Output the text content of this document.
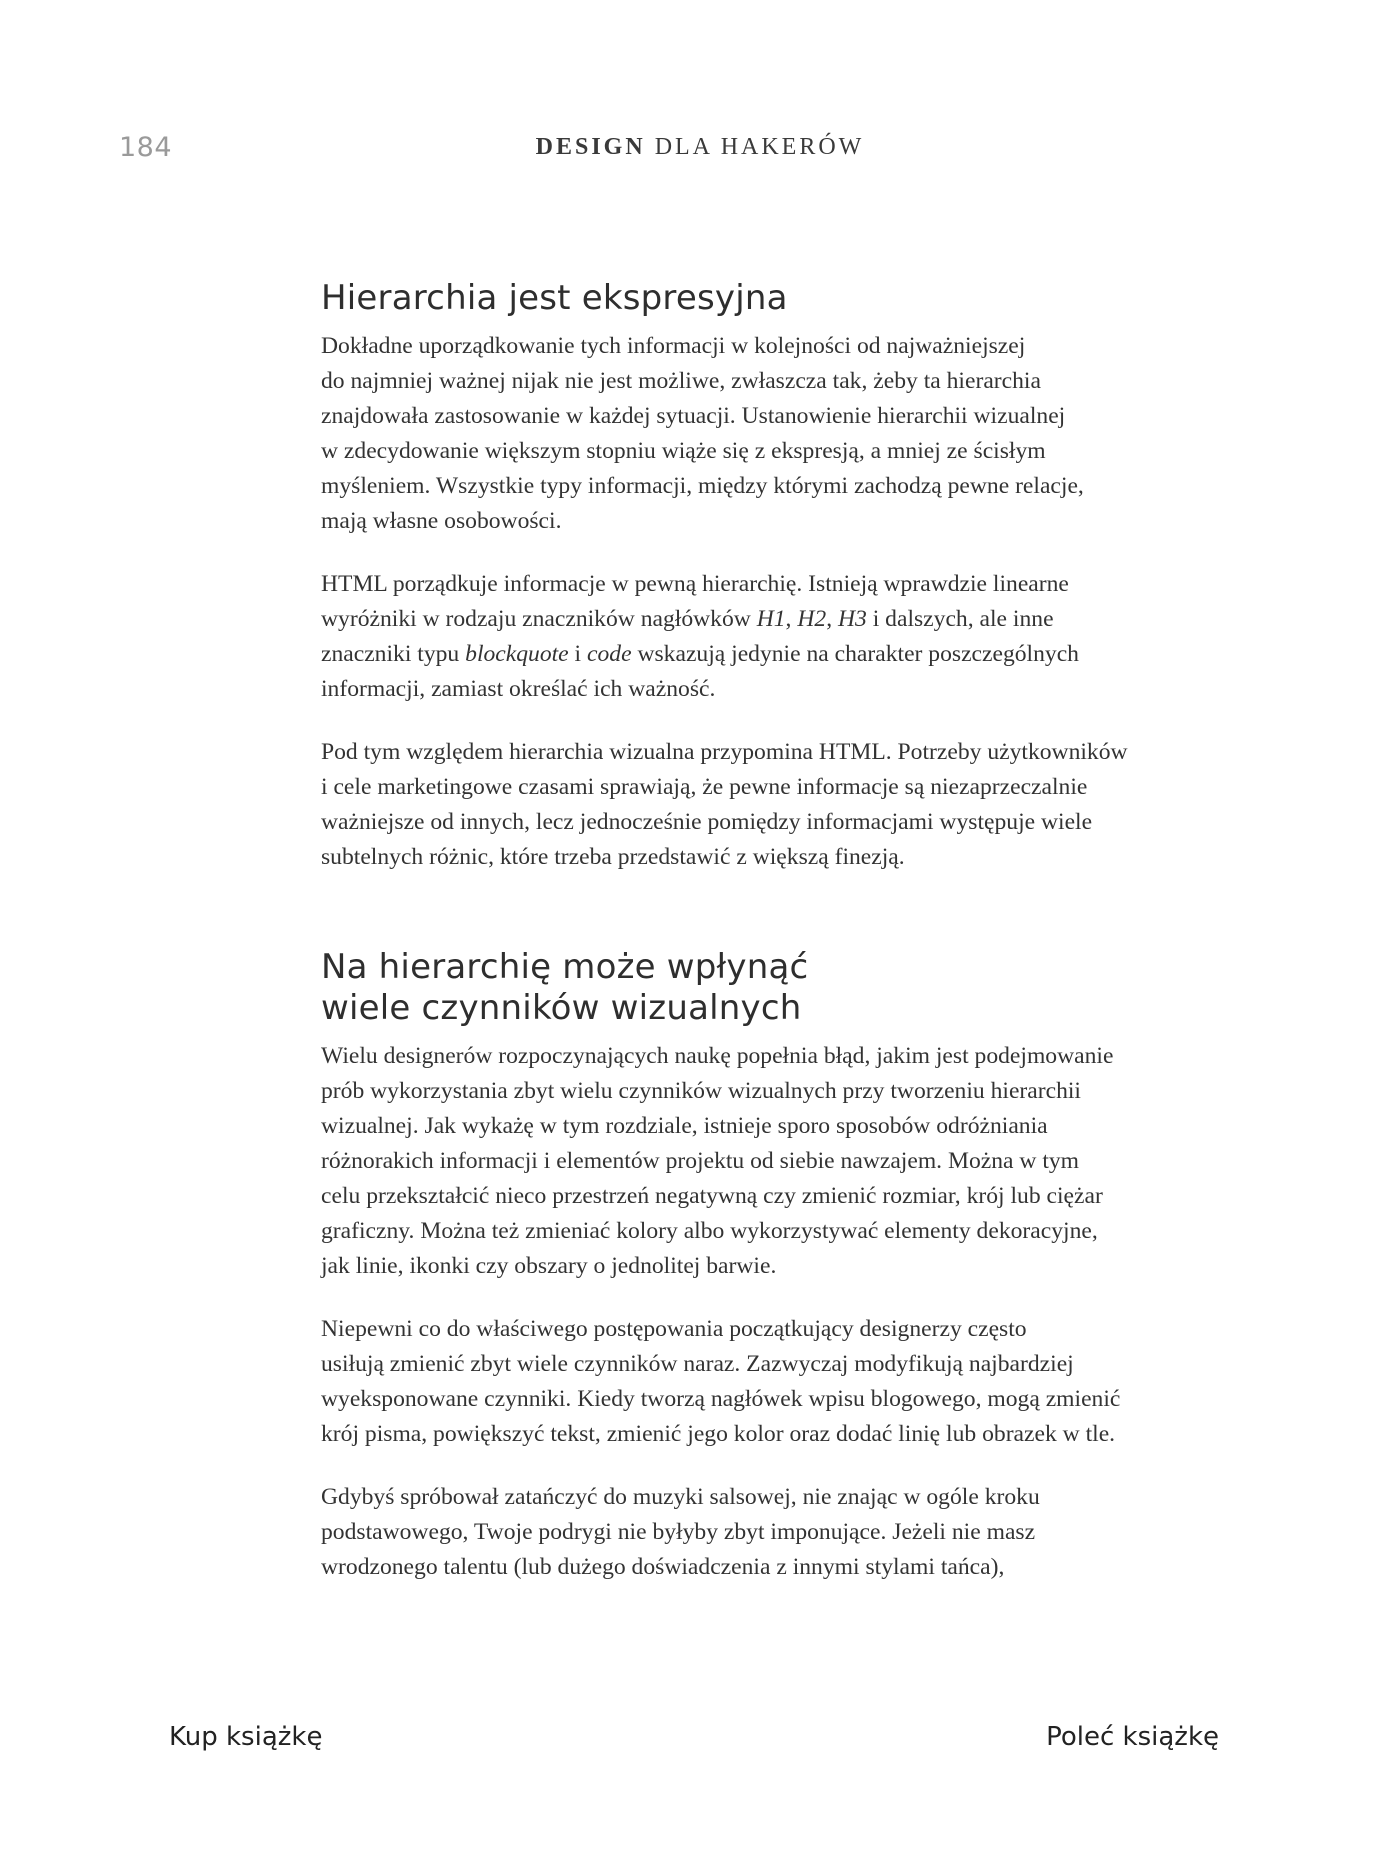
184	DESIGN DLA HAKERÓW
Hierarchia jest ekspresyjna

Dokładne uporządkowanie tych informacji w kolejności od najważniejszej
do najmniej ważnej nijak nie jest możliwe, zwłaszcza tak, żeby ta hierarchia
znajdowała zastosowanie w każdej sytuacji. Ustanowienie hierarchii wizualnej
w zdecydowanie większym stopniu wiąże się z ekspresją, a mniej ze ścisłym
myśleniem. Wszystkie typy informacji, między którymi zachodzą pewne relacje,
mają własne osobowości.

HTML porządkuje informacje w pewną hierarchię. Istnieją wprawdzie linearne
wyróżniki w rodzaju znaczników nagłówków H1, H2, H3 i dalszych, ale inne
znaczniki typu blockquote i code wskazują jedynie na charakter poszczególnych
informacji, zamiast określać ich ważność.

Pod tym względem hierarchia wizualna przypomina HTML. Potrzeby użytkowników
i cele marketingowe czasami sprawiają, że pewne informacje są niezaprzeczalnie
ważniejsze od innych, lecz jednocześnie pomiędzy informacjami występuje wiele
subtelnych różnic, które trzeba przedstawić z większą finezją.

Na hierarchię może wpłynąć
wiele czynników wizualnych

Wielu designerów rozpoczynających naukę popełnia błąd, jakim jest podejmowanie
prób wykorzystania zbyt wielu czynników wizualnych przy tworzeniu hierarchii
wizualnej. Jak wykażę w tym rozdziale, istnieje sporo sposobów odróżniania
różnorakich informacji i elementów projektu od siebie nawzajem. Można w tym
celu przekształcić nieco przestrzeń negatywną czy zmienić rozmiar, krój lub ciężar
graficzny. Można też zmieniać kolory albo wykorzystywać elementy dekoracyjne,
jak linie, ikonki czy obszary o jednolitej barwie.

Niepewni co do właściwego postępowania początkujący designerzy często
usiłują zmienić zbyt wiele czynników naraz. Zazwyczaj modyfikują najbardziej
wyeksponowane czynniki. Kiedy tworzą nagłówek wpisu blogowego, mogą zmienić
krój pisma, powiększyć tekst, zmienić jego kolor oraz dodać linię lub obrazek w tle.

Gdybyś spróbował zatańczyć do muzyki salsowej, nie znając w ogóle kroku
podstawowego, Twoje podrygi nie byłyby zbyt imponujące. Jeżeli nie masz
wrodzonego talentu (lub dużego doświadczenia z innymi stylami tańca),

Kup książkę	Poleć książkę
